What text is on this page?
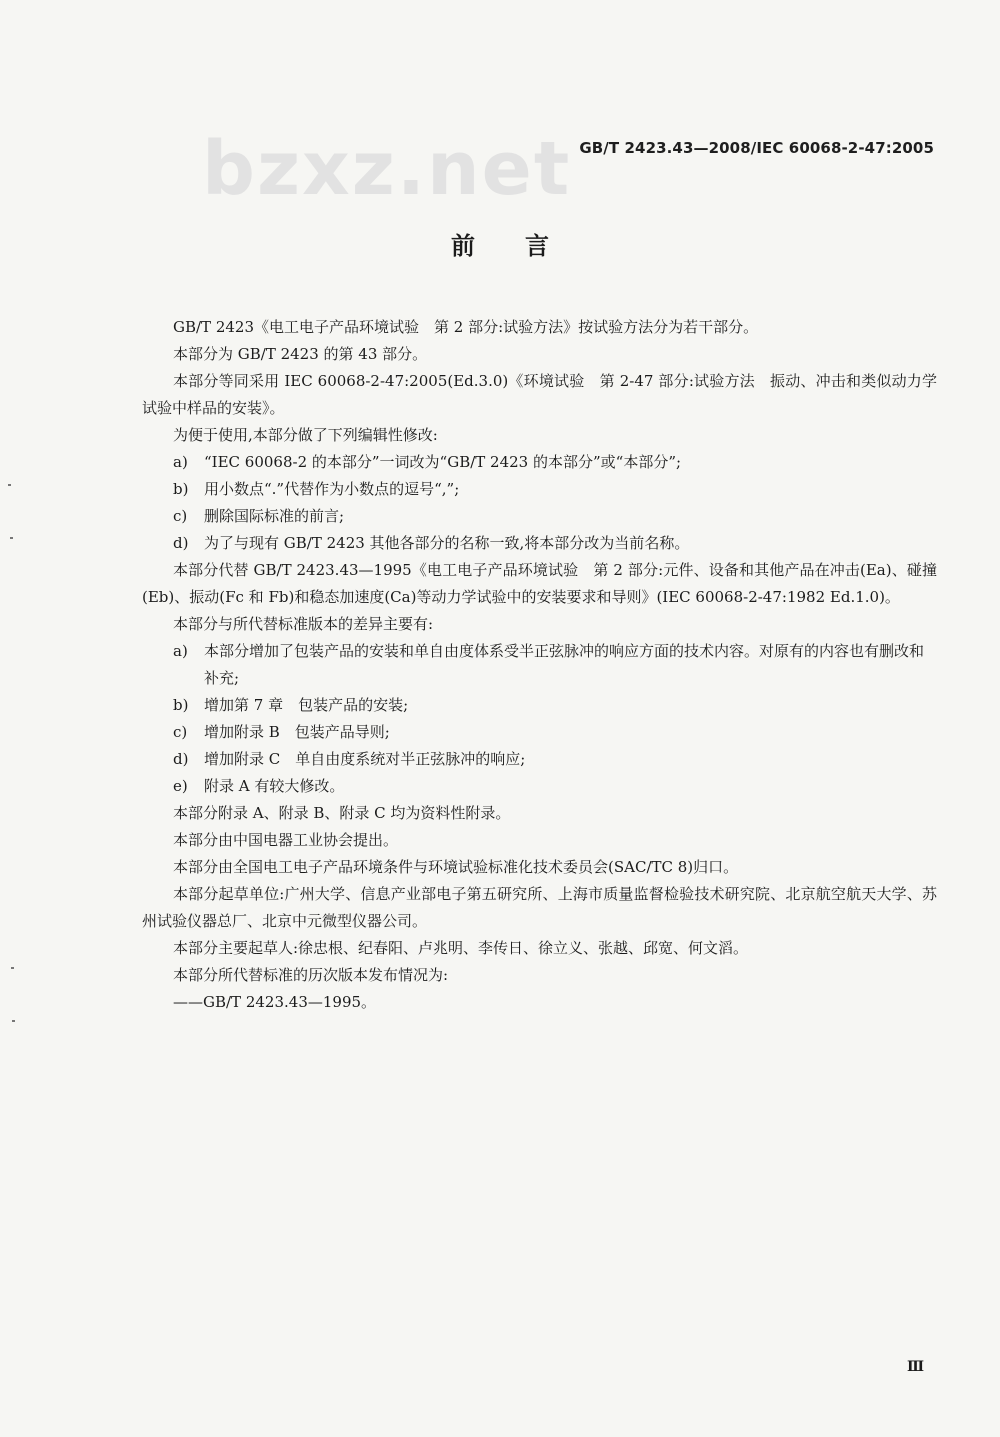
bzxz.net GB/T 2423.43—2008/IEC 60068-2-47:2005
前言

GB/T 2423《电工电子产品环境试验　第 2 部分:试验方法》按试验方法分为若干部分。

本部分为 GB/T 2423 的第 43 部分。

本部分等同采用 IEC 60068-2-47:2005(Ed.3.0)《环境试验　第 2-47 部分:试验方法　振动、冲击和类似动力学试验中样品的安装》。

为便于使用,本部分做了下列编辑性修改:

a) “IEC 60068-2 的本部分”一词改为“GB/T 2423 的本部分”或“本部分”;

b) 用小数点“.”代替作为小数点的逗号“,”;

c) 删除国际标准的前言;

d) 为了与现有 GB/T 2423 其他各部分的名称一致,将本部分改为当前名称。

本部分代替 GB/T 2423.43—1995《电工电子产品环境试验　第 2 部分:元件、设备和其他产品在冲击(Ea)、碰撞(Eb)、振动(Fc 和 Fb)和稳态加速度(Ca)等动力学试验中的安装要求和导则》(IEC 60068-2-47:1982 Ed.1.0)。

本部分与所代替标准版本的差异主要有:

a) 本部分增加了包装产品的安装和单自由度体系受半正弦脉冲的响应方面的技术内容。对原有的内容也有删改和补充;

b) 增加第 7 章　包装产品的安装;

c) 增加附录 B　包装产品导则;

d) 增加附录 C　单自由度系统对半正弦脉冲的响应;

e) 附录 A 有较大修改。

本部分附录 A、附录 B、附录 C 均为资料性附录。

本部分由中国电器工业协会提出。

本部分由全国电工电子产品环境条件与环境试验标准化技术委员会(SAC/TC 8)归口。

本部分起草单位:广州大学、信息产业部电子第五研究所、上海市质量监督检验技术研究院、北京航空航天大学、苏州试验仪器总厂、北京中元微型仪器公司。

本部分主要起草人:徐忠根、纪春阳、卢兆明、李传日、徐立义、张越、邱宽、何文滔。

本部分所代替标准的历次版本发布情况为:

——GB/T 2423.43—1995。

Ⅲ
